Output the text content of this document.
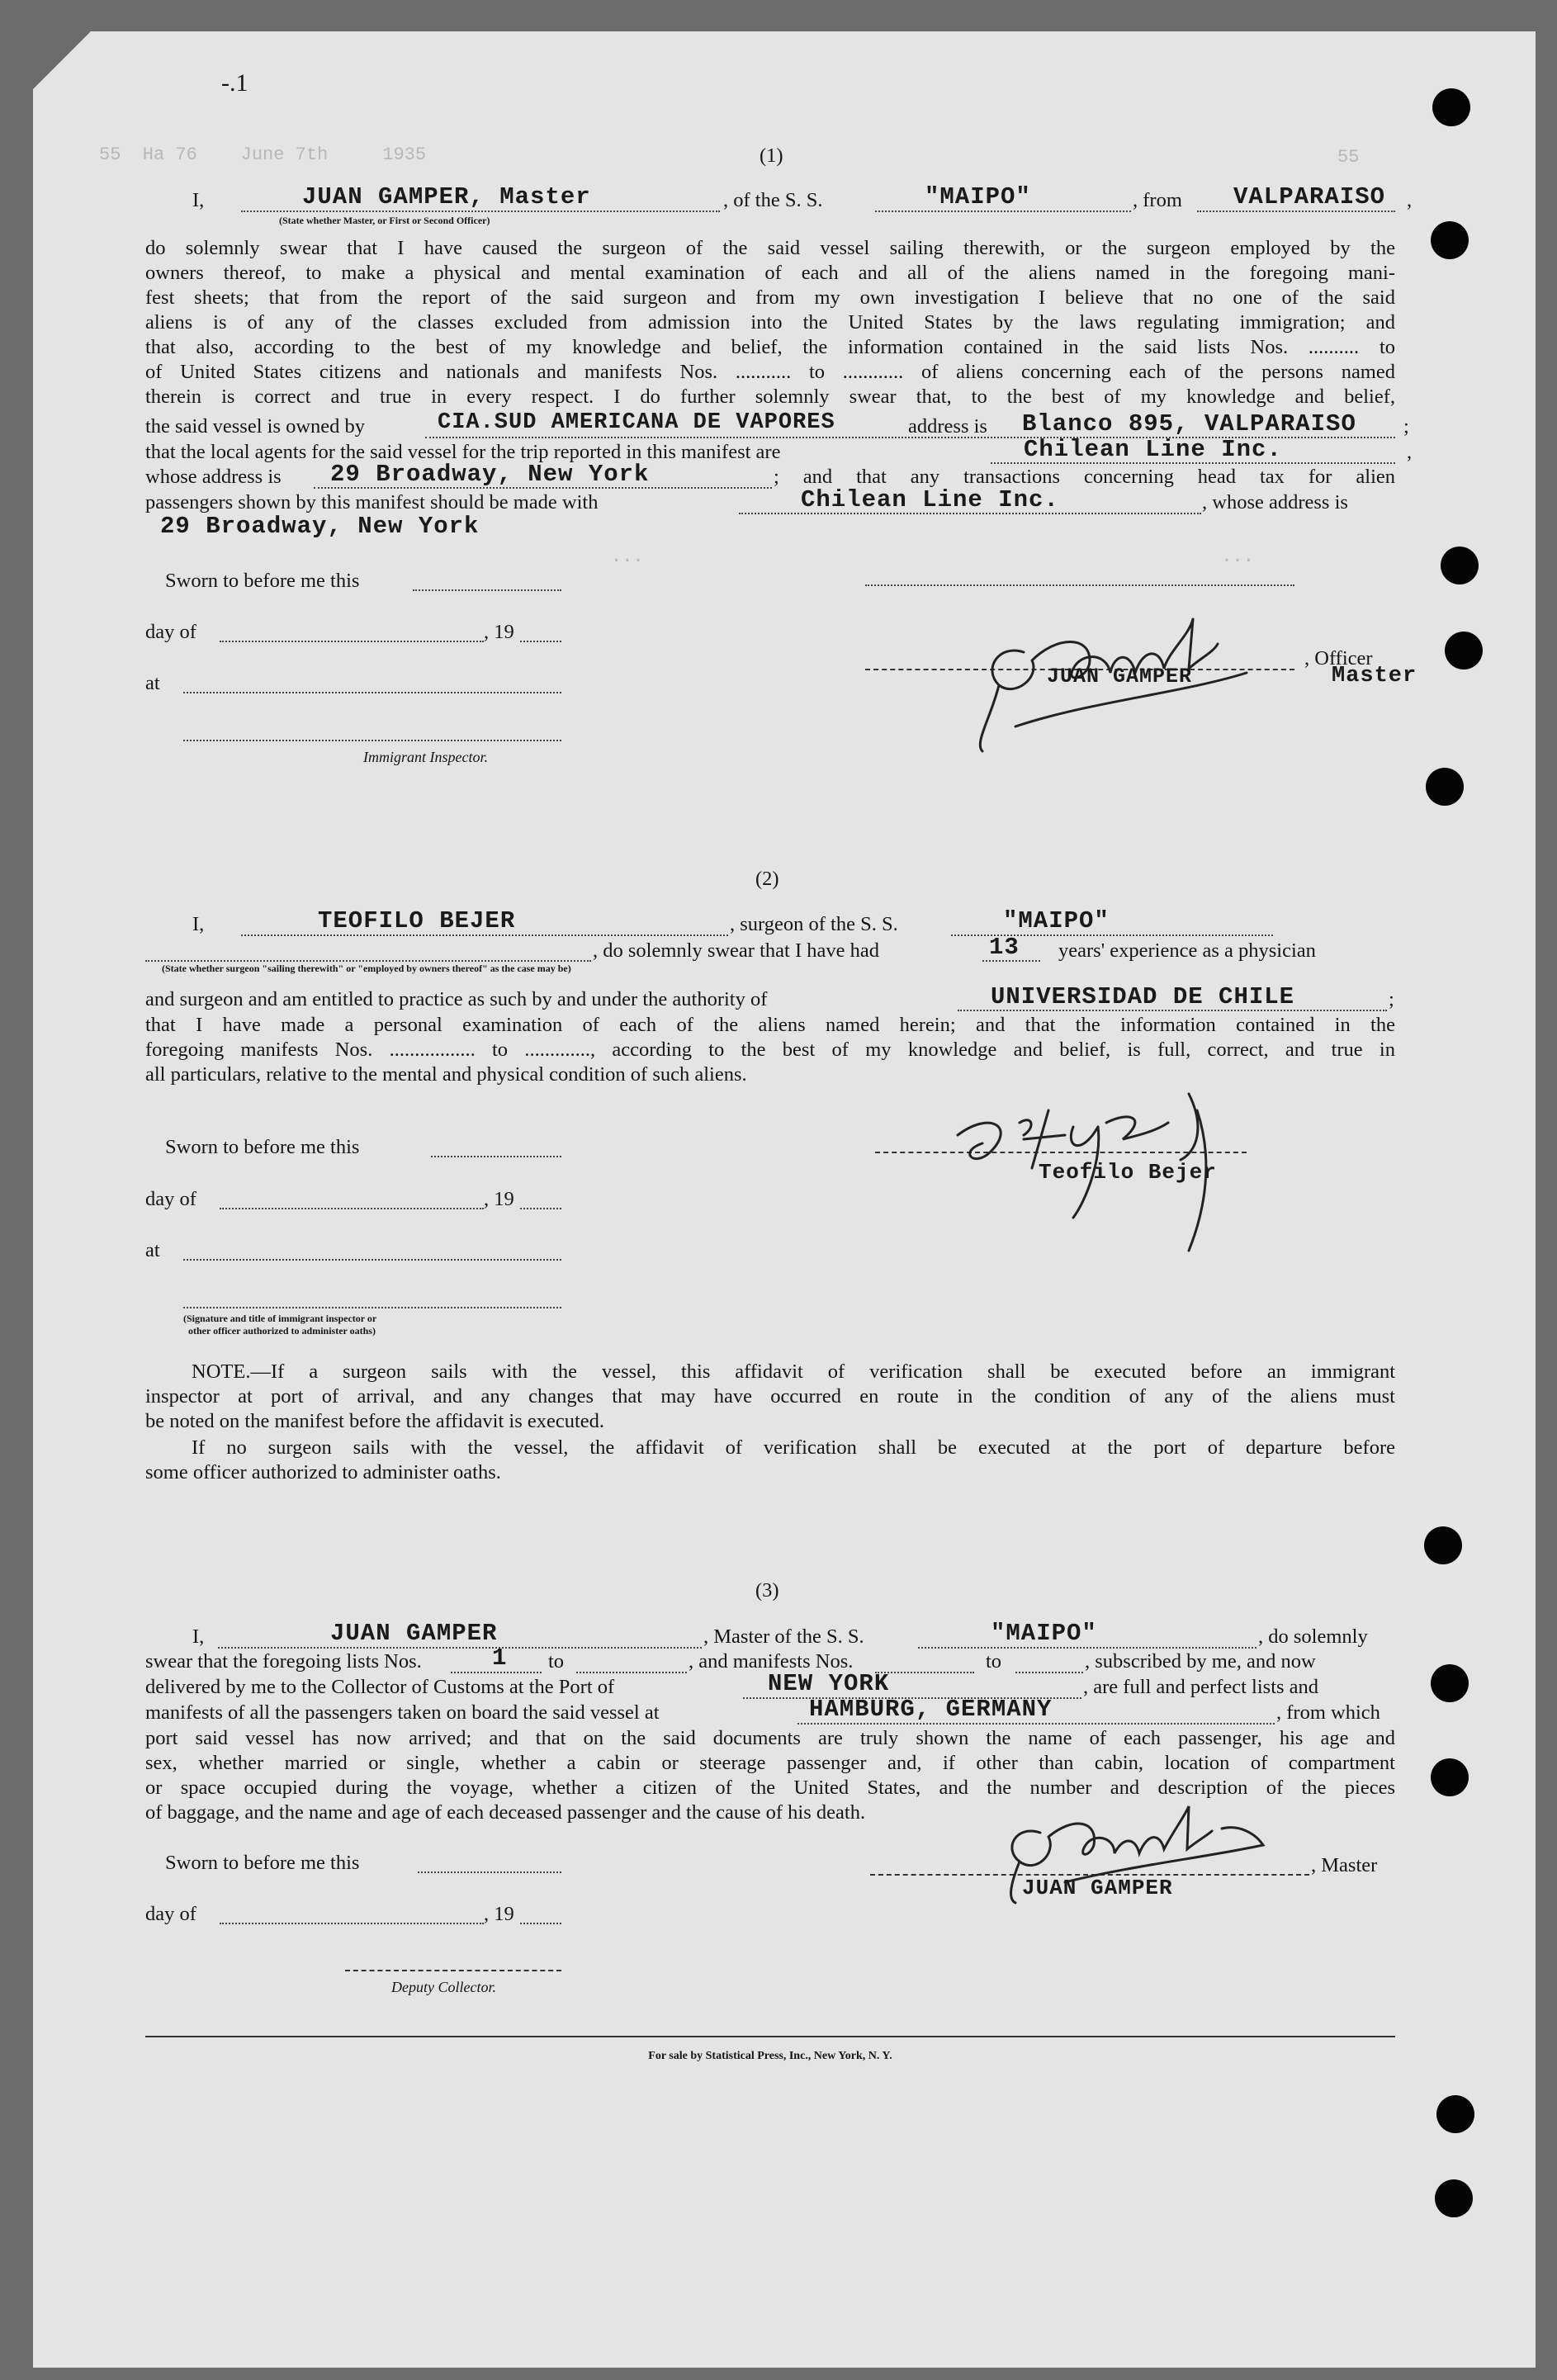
55  Ha 76    June 7th     1935	55
...                                                     ...
-.1
(1)
I,	JUAN GAMPER, Master	, of the S. S.	"MAIPO"	, from VALPARAISO ,
(State whether Master, or First or Second Officer)
do solemnly swear that I have caused the surgeon of the said vessel sailing therewith, or the surgeon employed by the
owners thereof, to make a physical and mental examination of each and all of the aliens named in the foregoing mani-
fest sheets; that from the report of the said surgeon and from my own investigation I believe that no one of the said
aliens is of any of the classes excluded from admission into the United States by the laws regulating immigration; and
that also, according to the best of my knowledge and belief, the information contained in the said lists Nos. .......... to
of United States citizens and nationals and manifests Nos. ........... to ............ of aliens concerning each of the persons named
therein is correct and true in every respect. I do further solemnly swear that, to the best of my knowledge and belief,
the said vessel is owned by	CIA.SUD AMERICANA DE VAPORES	address is Blanco 895, VALPARAISO ;
that the local agents for the said vessel for the trip reported in this manifest are	Chilean Line Inc.	,
whose address is 29 Broadway, New York	; and that any transactions concerning head tax for alien
passengers shown by this manifest should be made with	Chilean Line Inc.	, whose address is
29 Broadway, New York
Sworn to before me this
day of	, 19
at
Immigrant Inspector.
JUAN GAMPER
, Officer
Master
(2)
I,	TEOFILO BEJER	, surgeon of the S. S.	"MAIPO"
, do solemnly swear that I have had	13 years' experience as a physician
(State whether surgeon "sailing therewith" or "employed by owners thereof" as the case may be)
and surgeon and am entitled to practice as such by and under the authority of	UNIVERSIDAD DE CHILE	;
that I have made a personal examination of each of the aliens named herein; and that the information contained in the
foregoing manifests Nos. ................. to ............., according to the best of my knowledge and belief, is full, correct, and true in
all particulars, relative to the mental and physical condition of such aliens.
Sworn to before me this
day of	, 19
at
(Signature and title of immigrant inspector or
other officer authorized to administer oaths)
Teofilo Bejer
NOTE.—If a surgeon sails with the vessel, this affidavit of verification shall be executed before an immigrant
inspector at port of arrival, and any changes that may have occurred en route in the condition of any of the aliens must
be noted on the manifest before the affidavit is executed.
If no surgeon sails with the vessel, the affidavit of verification shall be executed at the port of departure before
some officer authorized to administer oaths.
(3)
I,	JUAN GAMPER	, Master of the S. S.	"MAIPO"	, do solemnly
swear that the foregoing lists Nos.	1 to	, and manifests Nos.	to	, subscribed by me, and now
delivered by me to the Collector of Customs at the Port of	NEW YORK	, are full and perfect lists and
manifests of all the passengers taken on board the said vessel at	HAMBURG, GERMANY	, from which
port said vessel has now arrived; and that on the said documents are truly shown the name of each passenger, his age and
sex, whether married or single, whether a cabin or steerage passenger and, if other than cabin, location of compartment
or space occupied during the voyage, whether a citizen of the United States, and the number and description of the pieces
of baggage, and the name and age of each deceased passenger and the cause of his death.
Sworn to before me this
day of	, 19
Deputy Collector.
, Master
JUAN GAMPER
For sale by Statistical Press, Inc., New York, N. Y.
